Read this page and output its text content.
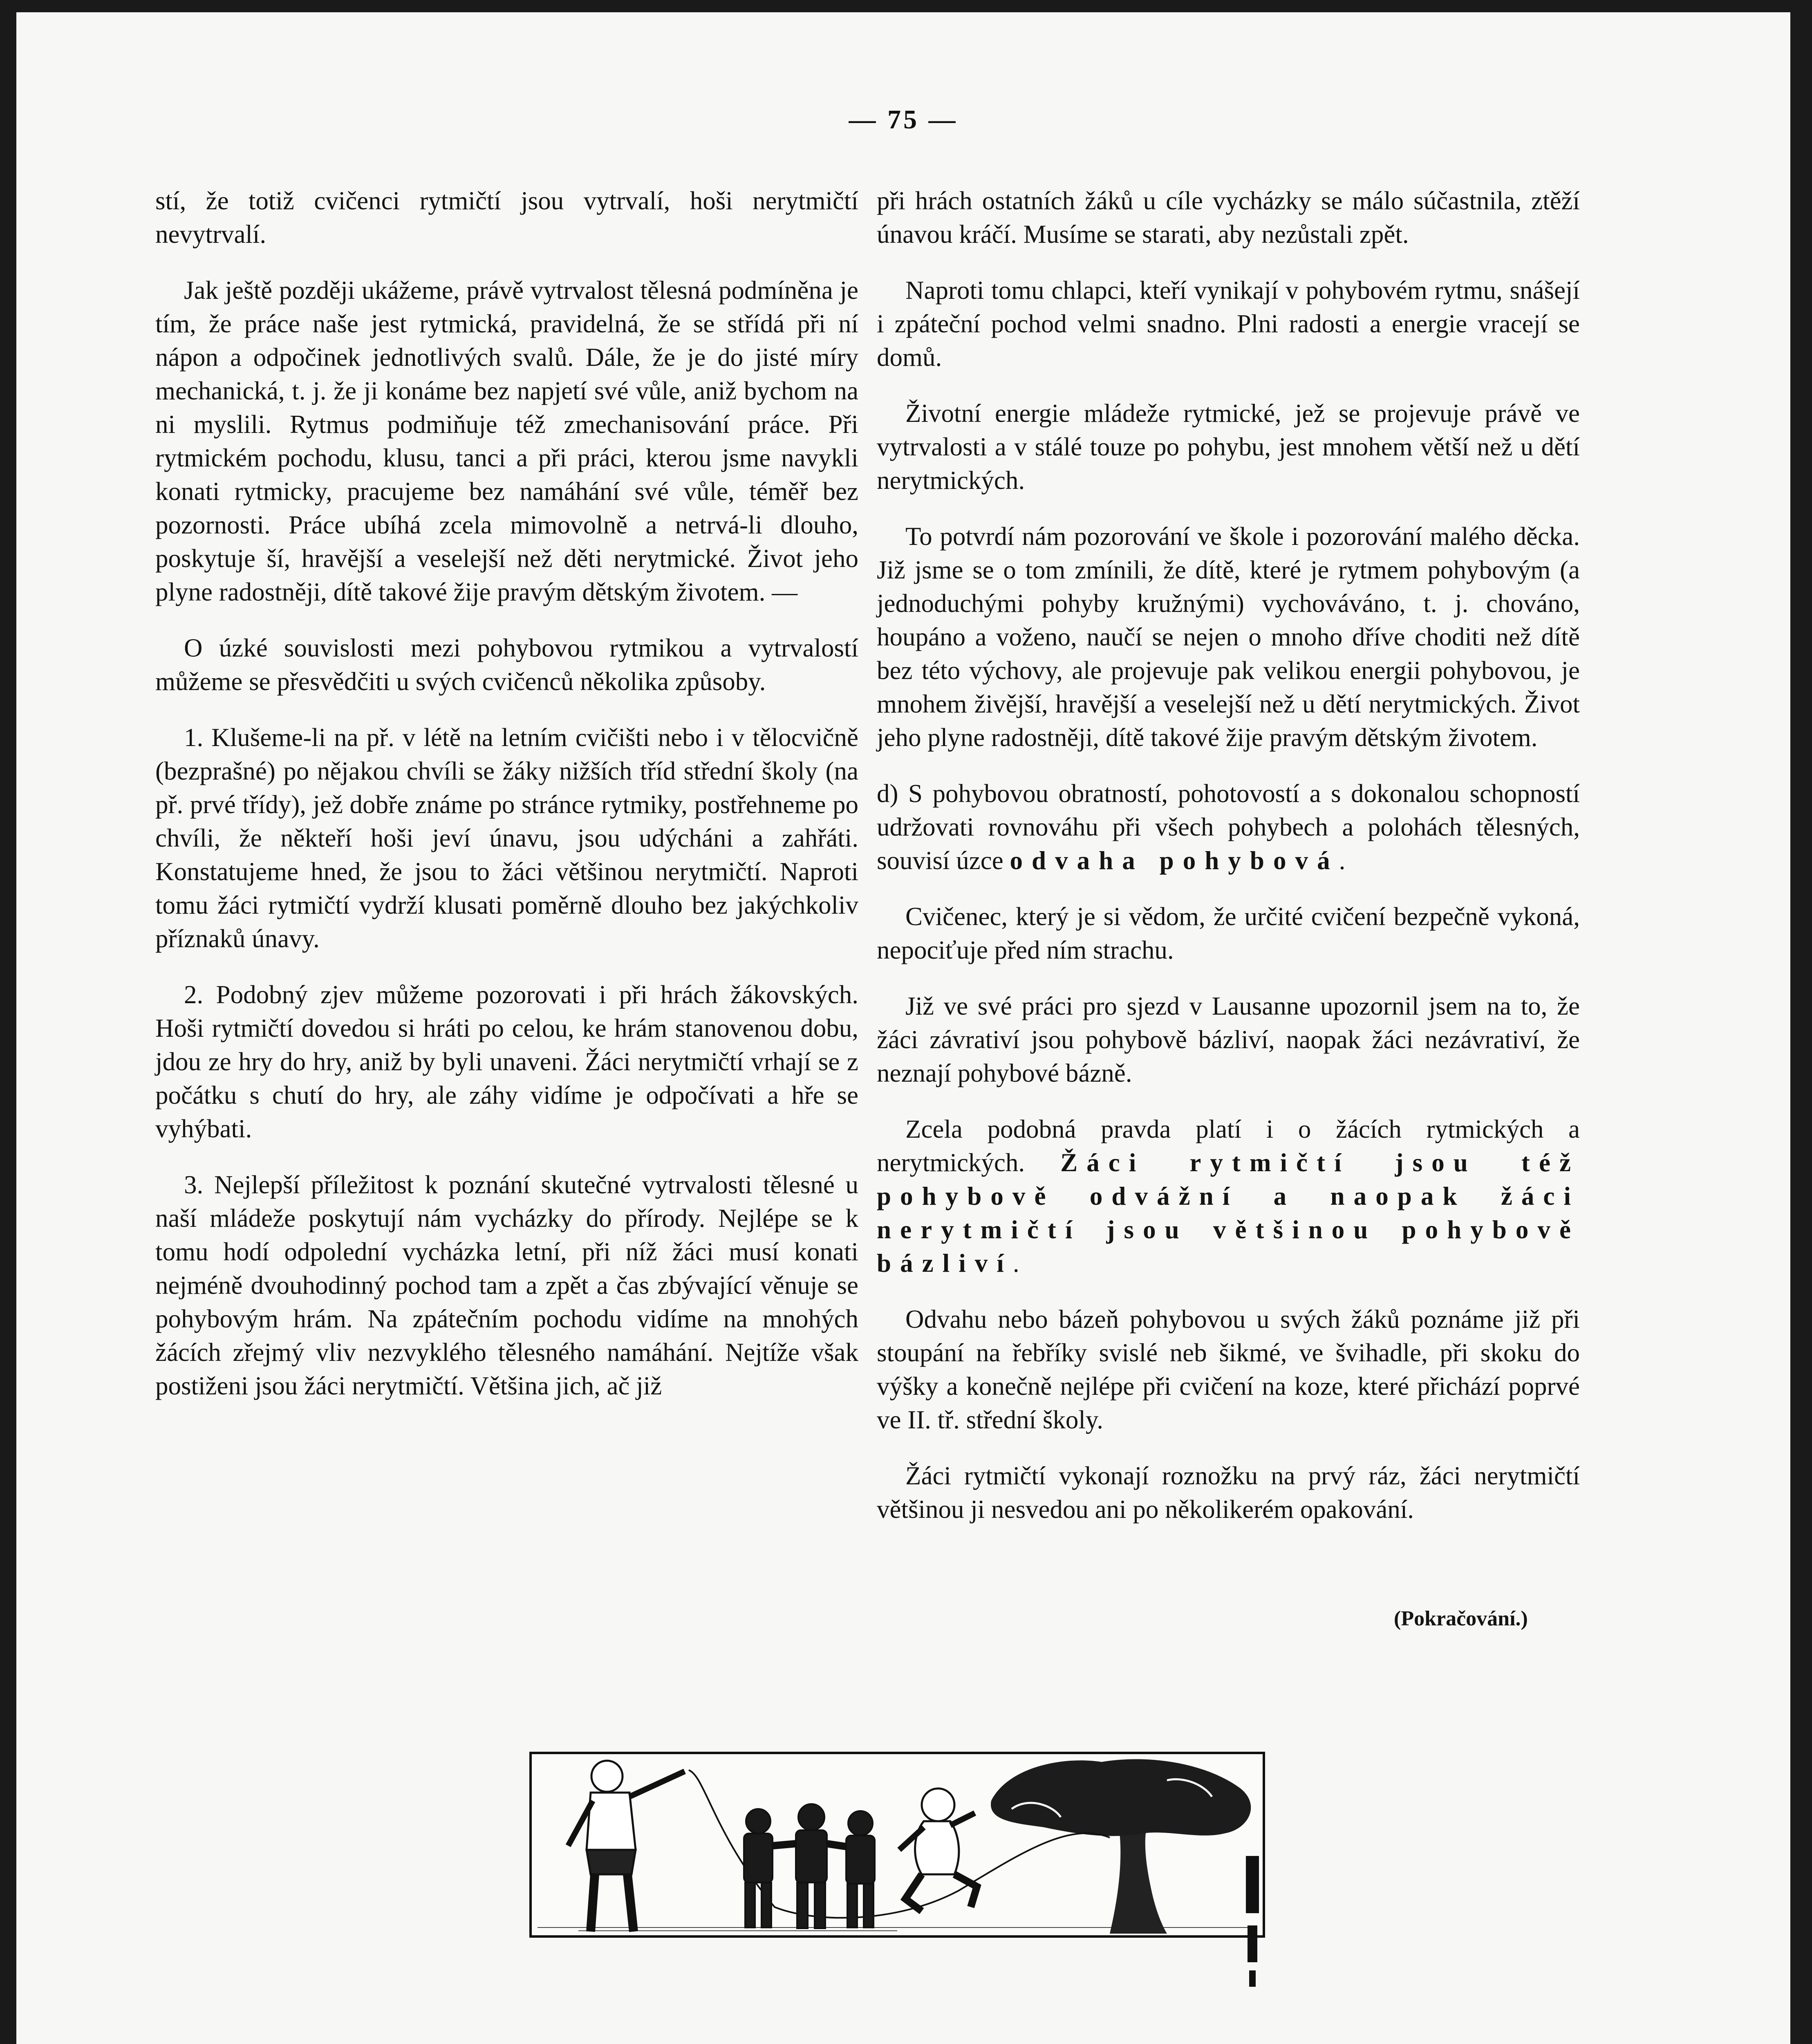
— 75 —

stí, že totiž cvičenci rytmičtí jsou vytrvalí, hoši nerytmičtí nevytrvalí.

Jak ještě později ukážeme, právě vytrvalost tělesná podmíněna je tím, že práce naše jest rytmická, pravidelná, že se střídá při ní nápon a odpočinek jednotlivých svalů. Dále, že je do jisté míry mechanická, t. j. že ji konáme bez napjetí své vůle, aniž bychom na ni myslili. Rytmus podmiňuje též zmechanisování práce. Při rytmickém pochodu, klusu, tanci a při práci, kterou jsme navykli konati rytmicky, pracujeme bez namáhání své vůle, téměř bez pozornosti. Práce ubíhá zcela mimovolně a netrvá-li dlouho, poskytuje ší, hravější a veselejší než děti nerytmické. Život jeho plyne radostněji, dítě takové žije pravým dětským životem. —

O úzké souvislosti mezi pohybovou rytmikou a vytrvalostí můžeme se přesvědčiti u svých cvičenců několika způsoby.

1. Klušeme-li na př. v létě na letním cvičišti nebo i v tělocvičně (bezprašné) po nějakou chvíli se žáky nižších tříd střední školy (na př. prvé třídy), jež dobře známe po stránce rytmiky, postřehneme po chvíli, že někteří hoši jeví únavu, jsou udýcháni a zahřáti. Konstatujeme hned, že jsou to žáci většinou nerytmičtí. Naproti tomu žáci rytmičtí vydrží klusati poměrně dlouho bez jakýchkoliv příznaků únavy.

2. Podobný zjev můžeme pozorovati i při hrách žákovských. Hoši rytmičtí dovedou si hráti po celou, ke hrám stanovenou dobu, jdou ze hry do hry, aniž by byli unaveni. Žáci nerytmičtí vrhají se z počátku s chutí do hry, ale záhy vidíme je odpočívati a hře se vyhýbati.

3. Nejlepší příležitost k poznání skutečné vytrvalosti tělesné u naší mládeže poskytují nám vycházky do přírody. Nejlépe se k tomu hodí odpolední vycházka letní, při níž žáci musí konati nejméně dvouhodinný pochod tam a zpět a čas zbývající věnuje se pohybovým hrám. Na zpátečním pochodu vidíme na mnohých žácích zřejmý vliv nezvyklého tělesného namáhání. Nejtíže však postiženi jsou žáci nerytmičtí. Většina jich, ač již

při hrách ostatních žáků u cíle vycházky se málo súčastnila, ztěží únavou kráčí. Musíme se starati, aby nezůstali zpět.

Naproti tomu chlapci, kteří vynikají v pohybovém rytmu, snášejí i zpáteční pochod velmi snadno. Plni radosti a energie vracejí se domů.

Životní energie mládeže rytmické, jež se projevuje právě ve vytrvalosti a v stálé touze po pohybu, jest mnohem větší než u dětí nerytmických.

To potvrdí nám pozorování ve škole i pozorování malého děcka. Již jsme se o tom zmínili, že dítě, které je rytmem pohybovým (a jednoduchými pohyby kružnými) vychováváno, t. j. chováno, houpáno a voženo, naučí se nejen o mnoho dříve choditi než dítě bez této výchovy, ale projevuje pak velikou energii pohybovou, je mnohem živější, hravější a veselejší než u dětí nerytmických. Život jeho plyne radostněji, dítě takové žije pravým dětským životem.

d) S pohybovou obratností, pohotovostí a s dokonalou schopností udržovati rovnováhu při všech pohybech a polohách tělesných, souvisí úzce odvaha pohybová.

Cvičenec, který je si vědom, že určité cvičení bezpečně vykoná, nepociťuje před ním strachu.

Již ve své práci pro sjezd v Lausanne upozornil jsem na to, že žáci závrativí jsou pohybově bázliví, naopak žáci nezávrativí, že neznají pohybové bázně.

Zcela podobná pravda platí i o žácích rytmických a nerytmických. Žáci rytmičtí jsou též pohybově odvážní a naopak žáci nerytmičtí jsou většinou pohybově bázliví.

Odvahu nebo bázeň pohybovou u svých žáků poznáme již při stoupání na řebříky svislé neb šikmé, ve švihadle, při skoku do výšky a konečně nejlépe při cvičení na koze, které přichází poprvé ve II. tř. střední školy.

Žáci rytmičtí vykonají roznožku na prvý ráz, žáci nerytmičtí většinou ji nesvedou ani po několikerém opakování.

(Pokračování.)
